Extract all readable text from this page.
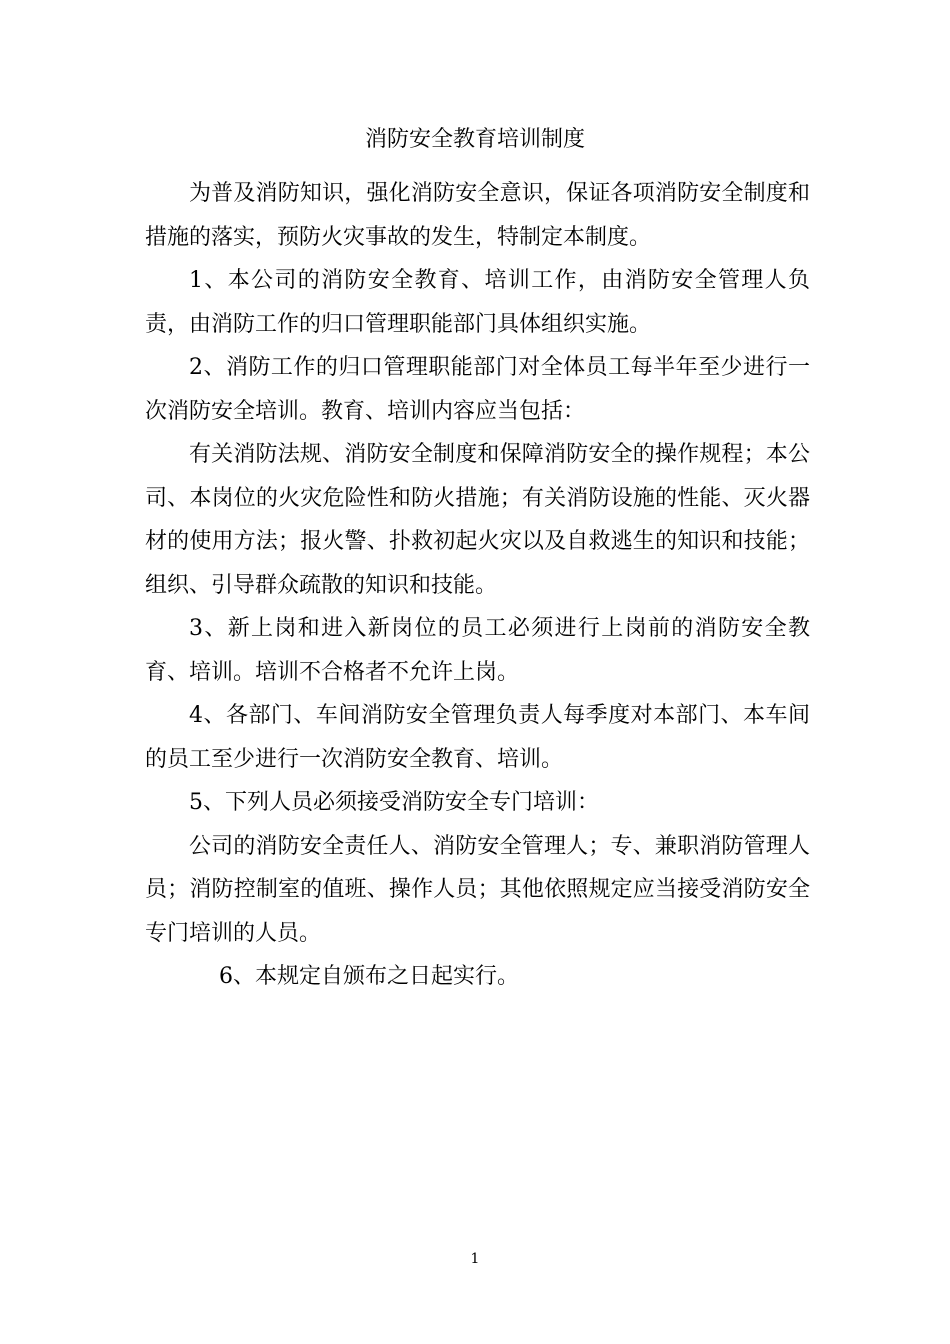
消防安全教育培训制度

为普及消防知识，强化消防安全意识，保证各项消防安全制度和措施的落实，预防火灾事故的发生，特制定本制度。

1、本公司的消防安全教育、培训工作，由消防安全管理人负责，由消防工作的归口管理职能部门具体组织实施。

2、消防工作的归口管理职能部门对全体员工每半年至少进行一次消防安全培训。教育、培训内容应当包括：

有关消防法规、消防安全制度和保障消防安全的操作规程；本公司、本岗位的火灾危险性和防火措施；有关消防设施的性能、灭火器材的使用方法；报火警、扑救初起火灾以及自救逃生的知识和技能；组织、引导群众疏散的知识和技能。

3、新上岗和进入新岗位的员工必须进行上岗前的消防安全教育、培训。培训不合格者不允许上岗。

4、各部门、车间消防安全管理负责人每季度对本部门、本车间的员工至少进行一次消防安全教育、培训。

5、下列人员必须接受消防安全专门培训：

公司的消防安全责任人、消防安全管理人；专、兼职消防管理人员；消防控制室的值班、操作人员；其他依照规定应当接受消防安全专门培训的人员。

6、本规定自颁布之日起实行。

1
